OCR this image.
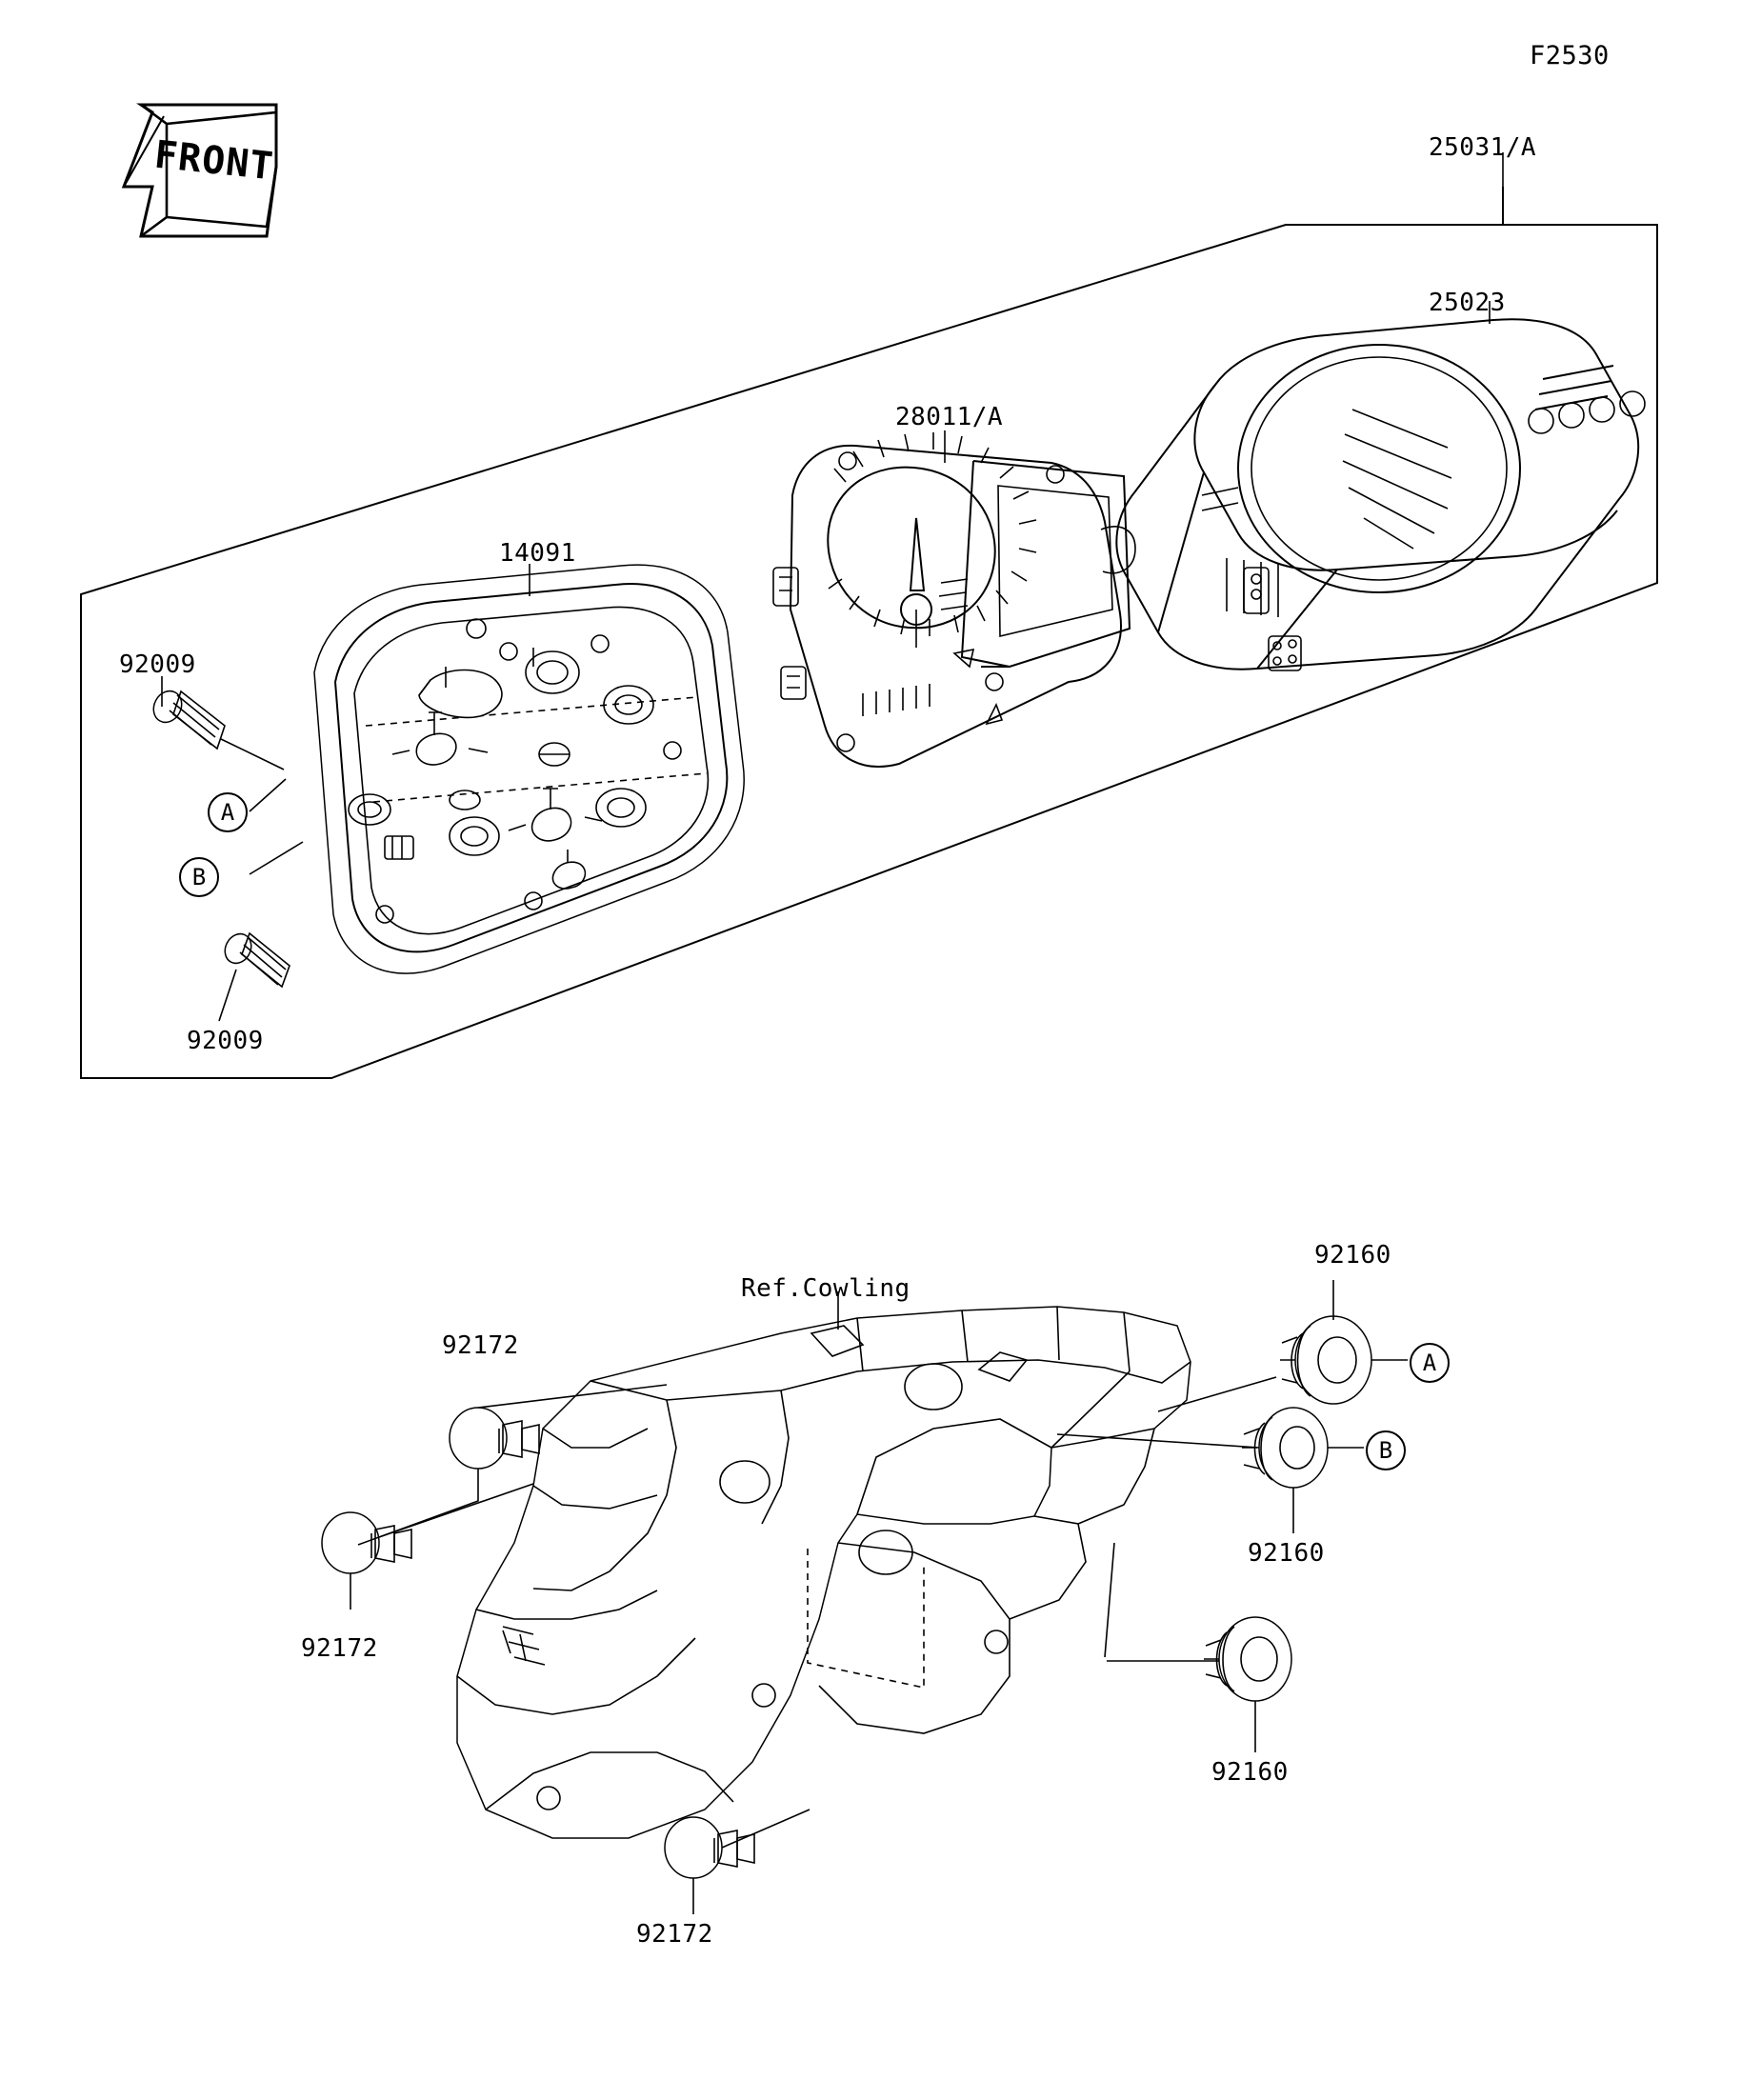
F2530
25031/A
25023
28011/A
14091
92009
92009
92160
92160
92160
92172
92172
92172
Ref.Cowling
A
B
A
B
FRONT
